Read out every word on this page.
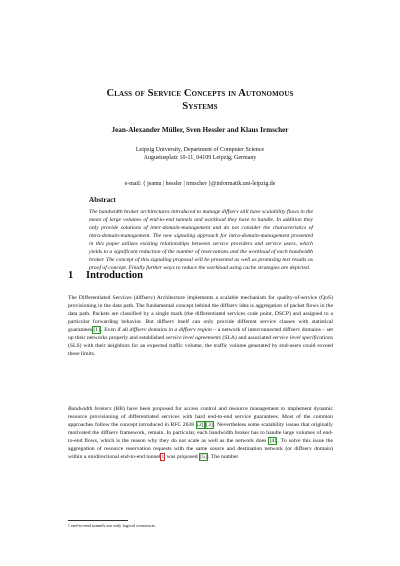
Class of Service Concepts in Autonomous
Systems
Jean-Alexander Müller, Sven Hessler and Klaus Irmscher
Leipzig University, Department of Computer Science
Augustusplatz 10-11, 04109 Leipzig, Germany
e-mail: { jeamu | hessler | irmscher }@informatik.uni-leipzig.de
Abstract

The bandwidth broker architectures introduced to manage diffserv still have scalability flaws in the mean of large volumes of end-to-end tunnels and workload they have to handle. In addition they only provide solutions of inter-domain-management and do not consider the characteristics of intra-domain-management. The new signaling approach for intra-domain-management presented in this paper utilizes existing relationships between service providers and service users, which yields to a significant reduction of the number of reservations and the workload of each bandwidth broker. The concept of this signaling proposal will be presented as well as promising test results as proof of concept. Finally further ways to reduce the workload using cache strategies are depicted.

1 Introduction

The Differentiated Services (diffserv) Architecture implements a scalable mechanism for quality-of-service (QoS) provisioning in the data path. The fundamental concept behind the diffserv idea is aggregation of packet flows in the data path. Packets are classified by a single mark (the differentiated services code point, DSCP) and assigned to a particular forwarding behavior. But diffserv itself can only provide different service classes with statistical guarantees[1]. Even if all diffserv domains in a diffserv region – a network of interconnected diffserv domains – set up their networks properly and established service level agreements (SLA) and associated service level specifications (SLS) with their neighbors for an expected traffic volume, the traffic volume generated by end-users could exceed these limits.

Bandwidth brokers (BB) have been proposed for access control and resource management to implement dynamic resource provisioning of differentiated services with hard end-to-end service guarantees. Most of the common approaches follow the concept introduced in RFC 2638 [2] [3]. Nevertheless some scalability issues that originally motivated the diffserv framework, remain. In particular, each bandwidth broker has to handle large volumes of end-to-end flows, which is the reason why they do not scale as well as the network does [4]. To solve this issue the aggregation of resource reservation requests with the same source and destination network (or diffserv domain) within a unidirectional end-to-end tunnel$^1$ was proposed [5]. The number

$^1$ end-to-end tunnels are only logical constructs.
